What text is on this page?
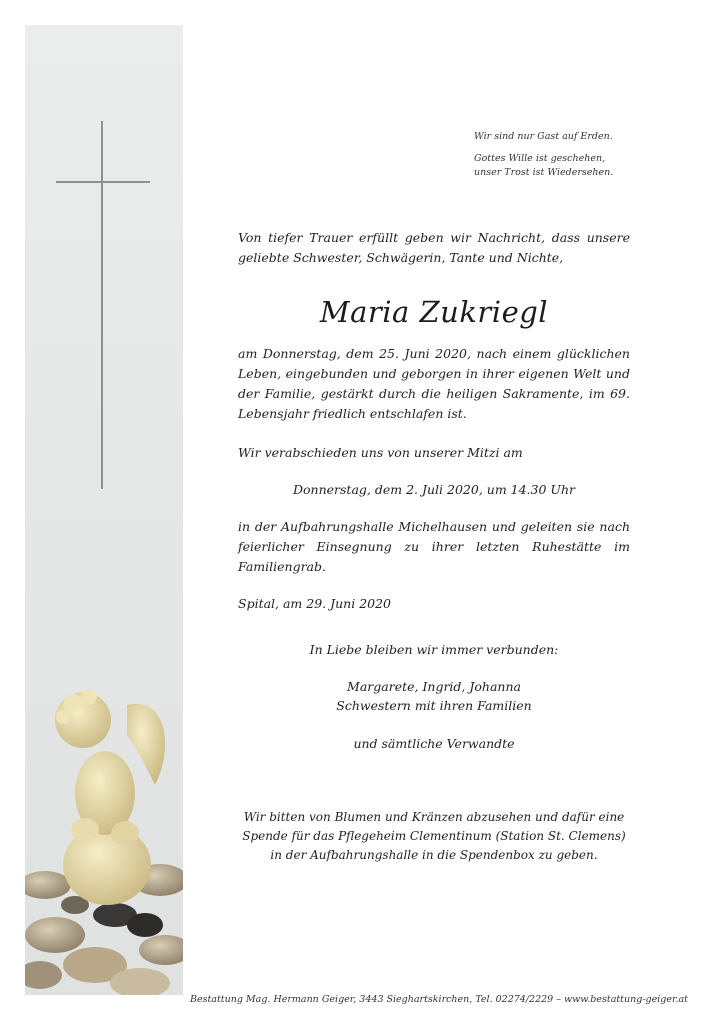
Wir sind nur Gast auf Erden.

Gottes Wille ist geschehen,
unser Trost ist Wiedersehen.

Von tiefer Trauer erfüllt geben wir Nachricht, dass unsere geliebte Schwester, Schwägerin, Tante und Nichte,
Maria Zukriegl
am Donnerstag, dem 25. Juni 2020, nach einem glücklichen Leben, eingebunden und geborgen in ihrer eigenen Welt und der Familie, gestärkt durch die heiligen Sakramente, im 69. Lebensjahr friedlich entschlafen ist.
Wir verabschieden uns von unserer Mitzi am
Donnerstag, dem 2. Juli 2020, um 14.30 Uhr
in der Aufbahrungshalle Michelhausen und geleiten sie nach feierlicher Einsegnung zu ihrer letzten Ruhestätte im Familiengrab.
Spital, am 29. Juni 2020
In Liebe bleiben wir immer verbunden:
Margarete, Ingrid, Johanna
Schwestern mit ihren Familien
und sämtliche Verwandte
Wir bitten von Blumen und Kränzen abzusehen und dafür eine
Spende für das Pflegeheim Clementinum (Station St. Clemens)
in der Aufbahrungshalle in die Spendenbox zu geben.
Bestattung Mag. Hermann Geiger, 3443 Sieghartskirchen, Tel. 02274/2229 – www.bestattung-geiger.at
